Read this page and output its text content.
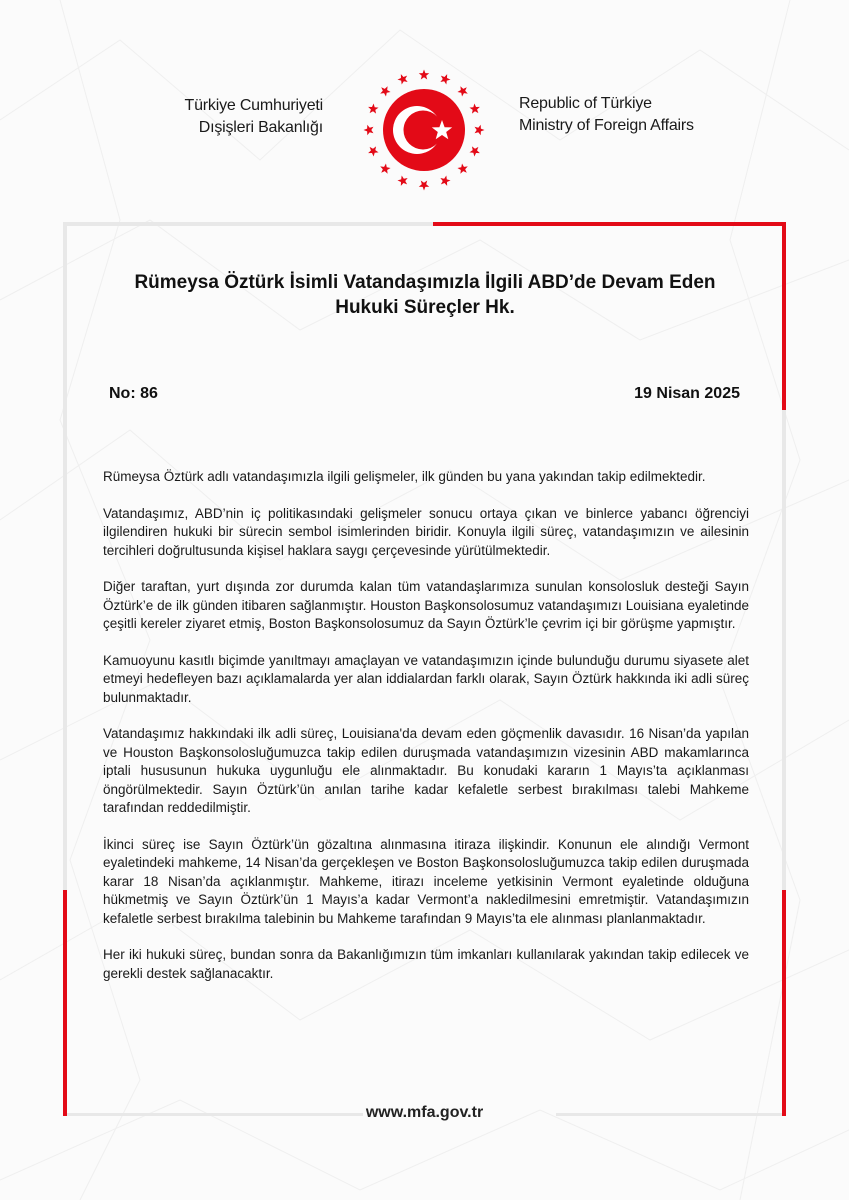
Türkiye Cumhuriyeti
Dışişleri Bakanlığı
Republic of Türkiye
Ministry of Foreign Affairs
Rümeysa Öztürk İsimli Vatandaşımızla İlgili ABD’de Devam Eden
Hukuki Süreçler Hk.
No: 86	19 Nisan 2025

Rümeysa Öztürk adlı vatandaşımızla ilgili gelişmeler, ilk günden bu yana yakından takip edilmektedir.

Vatandaşımız, ABD’nin iç politikasındaki gelişmeler sonucu ortaya çıkan ve binlerce yabancı öğrenciyi ilgilendiren hukuki bir sürecin sembol isimlerinden biridir. Konuyla ilgili süreç, vatandaşımızın ve ailesinin tercihleri doğrultusunda kişisel haklara saygı çerçevesinde yürütülmektedir.

Diğer taraftan, yurt dışında zor durumda kalan tüm vatandaşlarımıza sunulan konsolosluk desteği Sayın Öztürk’e de ilk günden itibaren sağlanmıştır. Houston Başkonsolosumuz vatandaşımızı Louisiana eyaletinde çeşitli kereler ziyaret etmiş, Boston Başkonsolosumuz da Sayın Öztürk’le çevrim içi bir görüşme yapmıştır.

Kamuoyunu kasıtlı biçimde yanıltmayı amaçlayan ve vatandaşımızın içinde bulunduğu durumu siyasete alet etmeyi hedefleyen bazı açıklamalarda yer alan iddialardan farklı olarak, Sayın Öztürk hakkında iki adli süreç bulunmaktadır.

Vatandaşımız hakkındaki ilk adli süreç, Louisiana'da devam eden göçmenlik davasıdır. 16 Nisan’da yapılan ve Houston Başkonsolosluğumuzca takip edilen duruşmada vatandaşımızın vizesinin ABD makamlarınca iptali hususunun hukuka uygunluğu ele alınmaktadır. Bu konudaki kararın 1 Mayıs’ta açıklanması öngörülmektedir. Sayın Öztürk’ün anılan tarihe kadar kefaletle serbest bırakılması talebi Mahkeme tarafından reddedilmiştir.

İkinci süreç ise Sayın Öztürk’ün gözaltına alınmasına itiraza ilişkindir. Konunun ele alındığı Vermont eyaletindeki mahkeme, 14 Nisan’da gerçekleşen ve Boston Başkonsolosluğumuzca takip edilen duruşmada karar 18 Nisan’da açıklanmıştır. Mahkeme, itirazı inceleme yetkisinin Vermont eyaletinde olduğuna hükmetmiş ve Sayın Öztürk’ün 1 Mayıs’a kadar Vermont’a nakledilmesini emretmiştir. Vatandaşımızın kefaletle serbest bırakılma talebinin bu Mahkeme tarafından 9 Mayıs’ta ele alınması planlanmaktadır.

Her iki hukuki süreç, bundan sonra da Bakanlığımızın tüm imkanları kullanılarak yakından takip edilecek ve gerekli destek sağlanacaktır.

www.mfa.gov.tr
